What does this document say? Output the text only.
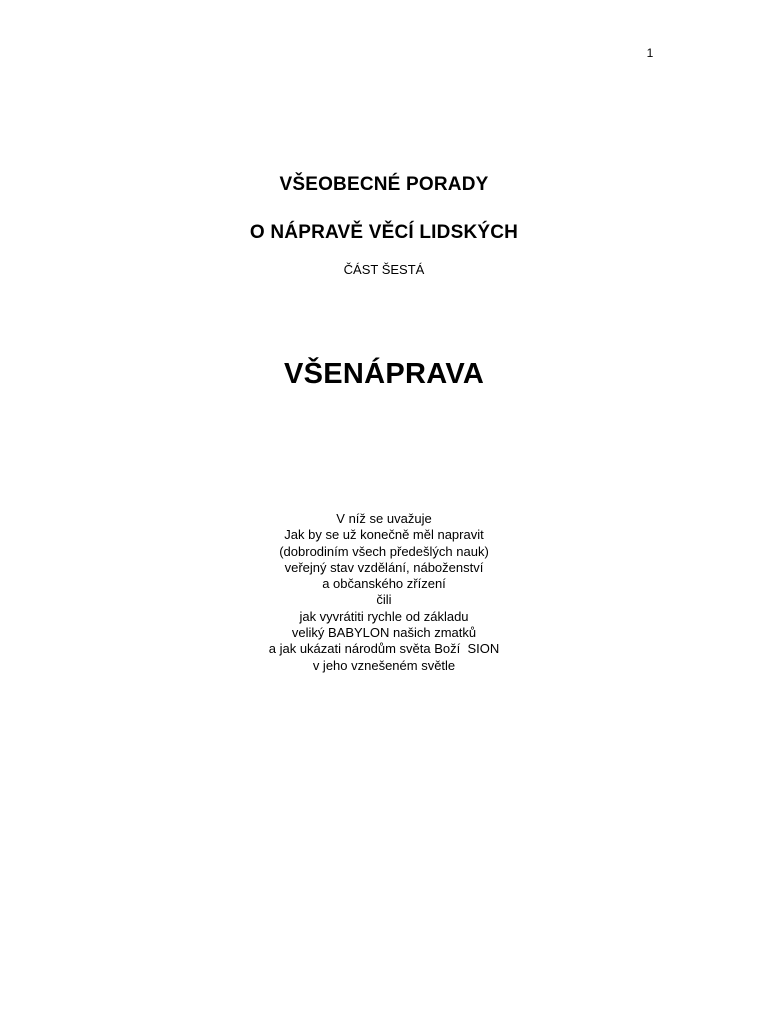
1
VŠEOBECNÉ PORADY
O NÁPRAVĚ VĚCÍ LIDSKÝCH
ČÁST ŠESTÁ
VŠENÁPRAVA
V níž se uvažuje
Jak by se už konečně měl napravit
(dobrodiním všech předešlých nauk)
veřejný stav vzdělání, náboženství
a občanského zřízení
čili
jak vyvrátiti rychle od základu
veliký BABYLON našich zmatků
a jak ukázati národům světa Boží  SION
v jeho vznešeném světle
